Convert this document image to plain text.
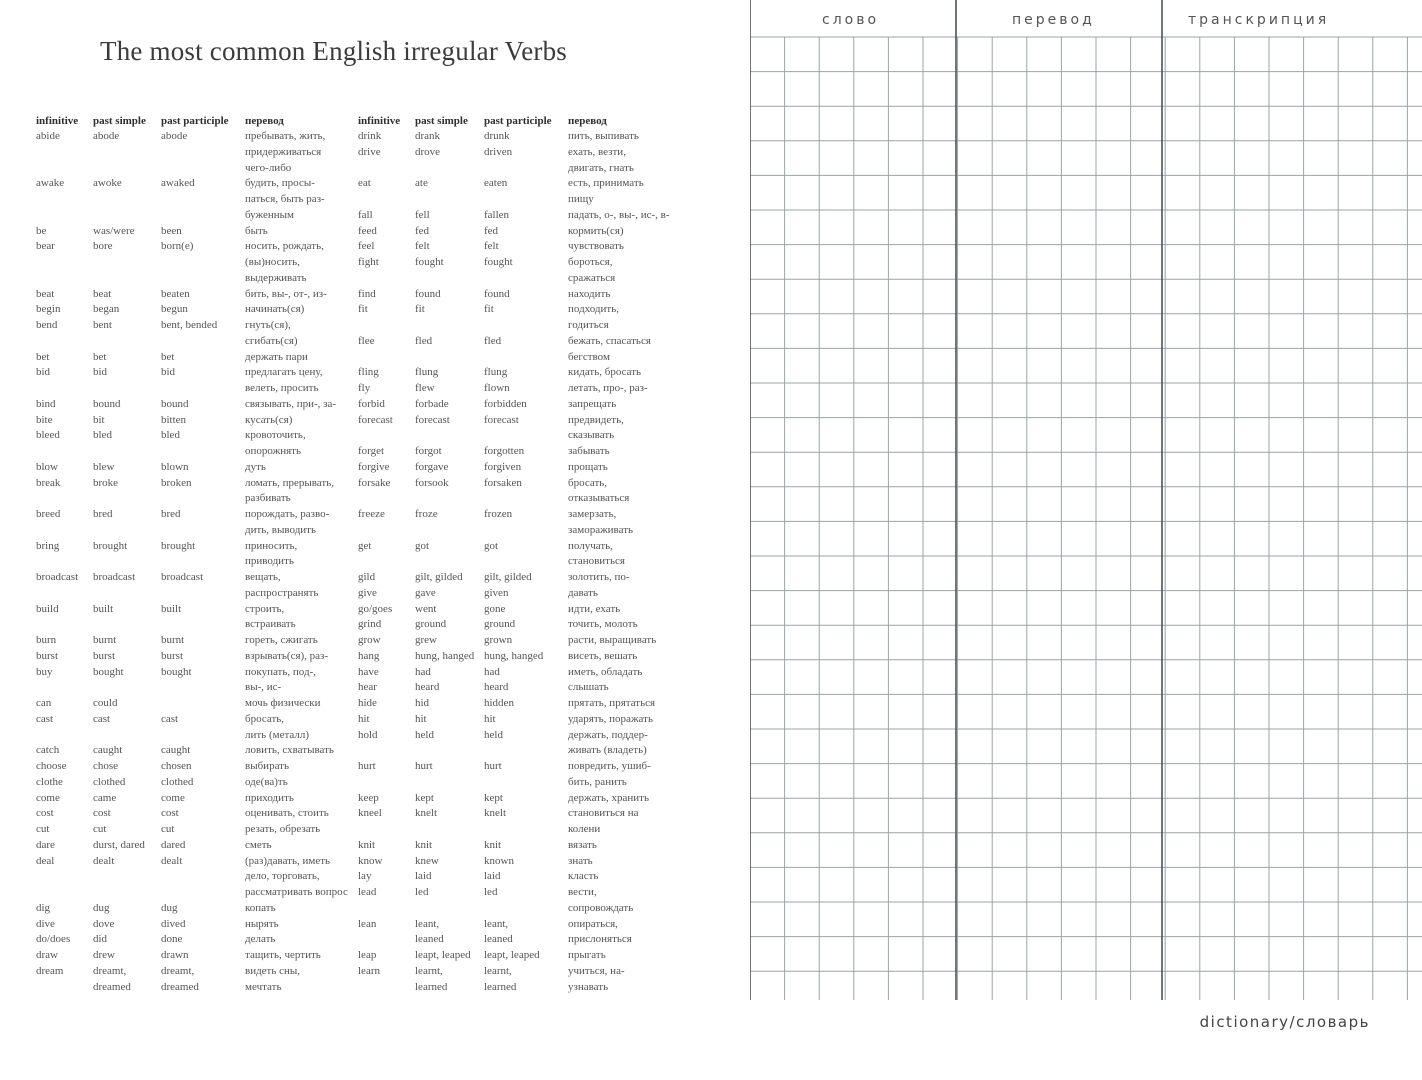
The most common English irregular Verbs
infinitive	past simple	past participle	перевод
abide	abode	abode	пребывать, жить,
			придерживаться
			чего-либо
awake	awoke	awaked	будить, просы-
			паться, быть раз-
			буженным
be	was/were	been	быть
bear	bore	born(e)	носить, рождать,
			(вы)носить,
			выдерживать
beat	beat	beaten	бить, вы-, от-, из-
begin	began	begun	начинать(ся)
bend	bent	bent, bended	гнуть(ся),
			сгибать(ся)
bet	bet	bet	держать пари
bid	bid	bid	предлагать цену,
			велеть, просить
bind	bound	bound	связывать, при-, за-
bite	bit	bitten	кусать(ся)
bleed	bled	bled	кровоточить,
			опорожнять
blow	blew	blown	дуть
break	broke	broken	ломать, прерывать,
			разбивать
breed	bred	bred	порождать, разво-
			дить, выводить
bring	brought	brought	приносить,
			приводить
broadcast	broadcast	broadcast	вещать,
			распространять
build	built	built	строить,
			встраивать
burn	burnt	burnt	гореть, сжигать
burst	burst	burst	взрывать(ся), раз-
buy	bought	bought	покупать, под-,
			вы-, ис-
can	could		мочь физически
cast	cast	cast	бросать,
			лить (металл)
catch	caught	caught	ловить, схватывать
choose	chose	chosen	выбирать
clothe	clothed	clothed	оде(ва)ть
come	came	come	приходить
cost	cost	cost	оценивать, стоить
cut	cut	cut	резать, обрезать
dare	durst, dared	dared	сметь
deal	dealt	dealt	(раз)давать, иметь
			дело, торговать,
			рассматривать вопрос
dig	dug	dug	копать
dive	dove	dived	нырять
do/does	did	done	делать
draw	drew	drawn	тащить, чертить
dream	dreamt,	dreamt,	видеть сны,
	dreamed	dreamed	мечтать
infinitive	past simple	past participle	перевод
drink	drank	drunk	пить, выпивать
drive	drove	driven	ехать, везти,
			двигать, гнать
eat	ate	eaten	есть, принимать
			пищу
fall	fell	fallen	падать, о-, вы-, ис-, в-
feed	fed	fed	кормить(ся)
feel	felt	felt	чувствовать
fight	fought	fought	бороться,
			сражаться
find	found	found	находить
fit	fit	fit	подходить,
			годиться
flee	fled	fled	бежать, спасаться
			бегством
fling	flung	flung	кидать, бросать
fly	flew	flown	летать, про-, раз-
forbid	forbade	forbidden	запрещать
forecast	forecast	forecast	предвидеть,
			сказывать
forget	forgot	forgotten	забывать
forgive	forgave	forgiven	прощать
forsake	forsook	forsaken	бросать,
			отказываться
freeze	froze	frozen	замерзать,
			замораживать
get	got	got	получать,
			становиться
gild	gilt, gilded	gilt, gilded	золотить, по-
give	gave	given	давать
go/goes	went	gone	идти, ехать
grind	ground	ground	точить, молоть
grow	grew	grown	расти, выращивать
hang	hung, hanged	hung, hanged	висеть, вешать
have	had	had	иметь, обладать
hear	heard	heard	слышать
hide	hid	hidden	прятать, прятаться
hit	hit	hit	ударять, поражать
hold	held	held	держать, поддер-
			живать (владеть)
hurt	hurt	hurt	повредить, ушиб-
			бить, ранить
keep	kept	kept	держать, хранить
kneel	knelt	knelt	становиться на
			колени
knit	knit	knit	вязать
know	knew	known	знать
lay	laid	laid	класть
lead	led	led	вести,
			сопровождать
lean	leant,	leant,	опираться,
	leaned	leaned	прислоняться
leap	leapt, leaped	leapt, leaped	прыгать
learn	learnt,	learnt,	учиться, на-
	learned	learned	узнавать
слово	перевод	транскрипция
dictionary/словарь
